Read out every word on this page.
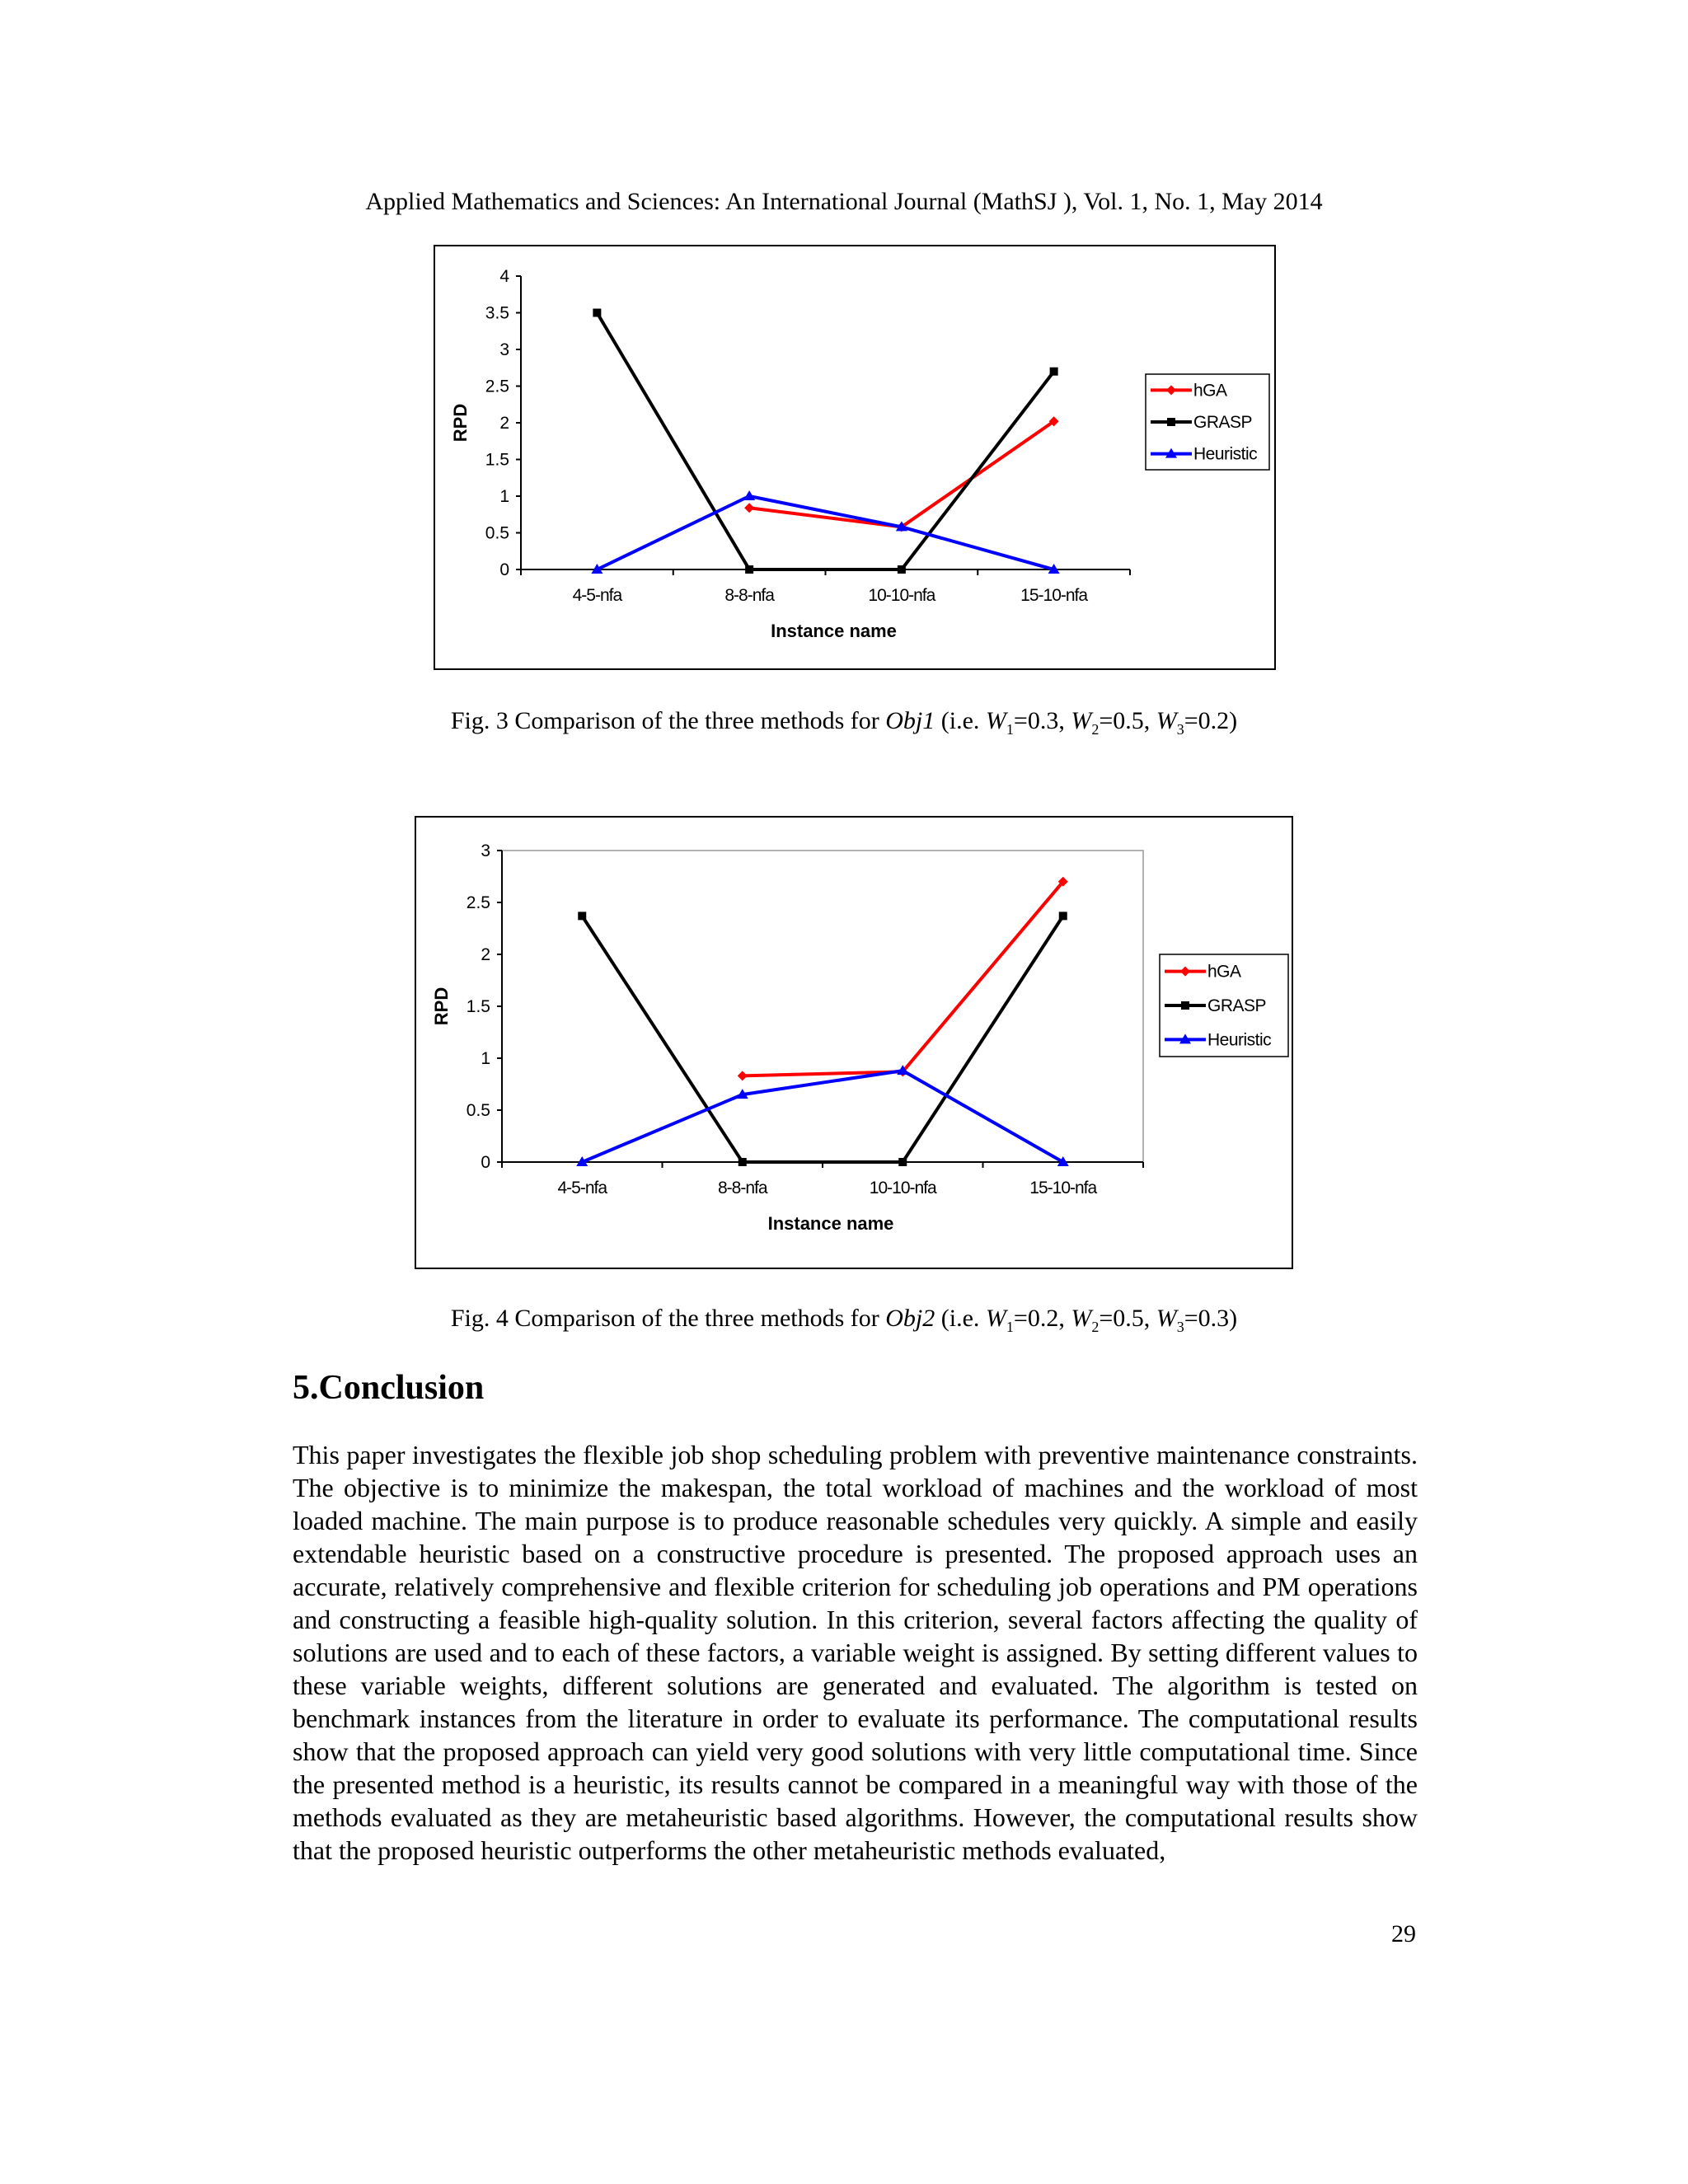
Applied Mathematics and Sciences: An International Journal (MathSJ ), Vol. 1, No. 1, May 2014
0
0.5
1
1.5
2
2.5
3
3.5
4
4-5-nfa	8-8-nfa	10-10-nfa	15-10-nfa
Instance name
RPD
hGA
GRASP
Heuristic
Fig. 3 Comparison of the three methods for Obj1 (i.e. $W_1=0.3$, $W_2=0.5$, $W_3=0.2$)
0
0.5
1
1.5
2
2.5
3
4-5-nfa	8-8-nfa	10-10-nfa	15-10-nfa
Instance name
RPD
hGA
GRASP
Heuristic
Fig. 4 Comparison of the three methods for Obj2 (i.e. $W_1=0.2$, $W_2=0.5$, $W_3=0.3$)
5.Conclusion
This paper investigates the flexible job shop scheduling problem with preventive maintenance constraints. The objective is to minimize the makespan, the total workload of machines and the workload of most loaded machine. The main purpose is to produce reasonable schedules very quickly. A simple and easily extendable heuristic based on a constructive procedure is presented. The proposed approach uses an accurate, relatively comprehensive and flexible criterion for scheduling job operations and PM operations and constructing a feasible high-quality solution. In this criterion, several factors affecting the quality of solutions are used and to each of these factors, a variable weight is assigned. By setting different values to these variable weights, different solutions are generated and evaluated. The algorithm is tested on benchmark instances from the literature in order to evaluate its performance. The computational results show that the proposed approach can yield very good solutions with very little computational time. Since the presented method is a heuristic, its results cannot be compared in a meaningful way with those of the methods evaluated as they are metaheuristic based algorithms. However, the computational results show that the proposed heuristic outperforms the other metaheuristic methods evaluated,
29
